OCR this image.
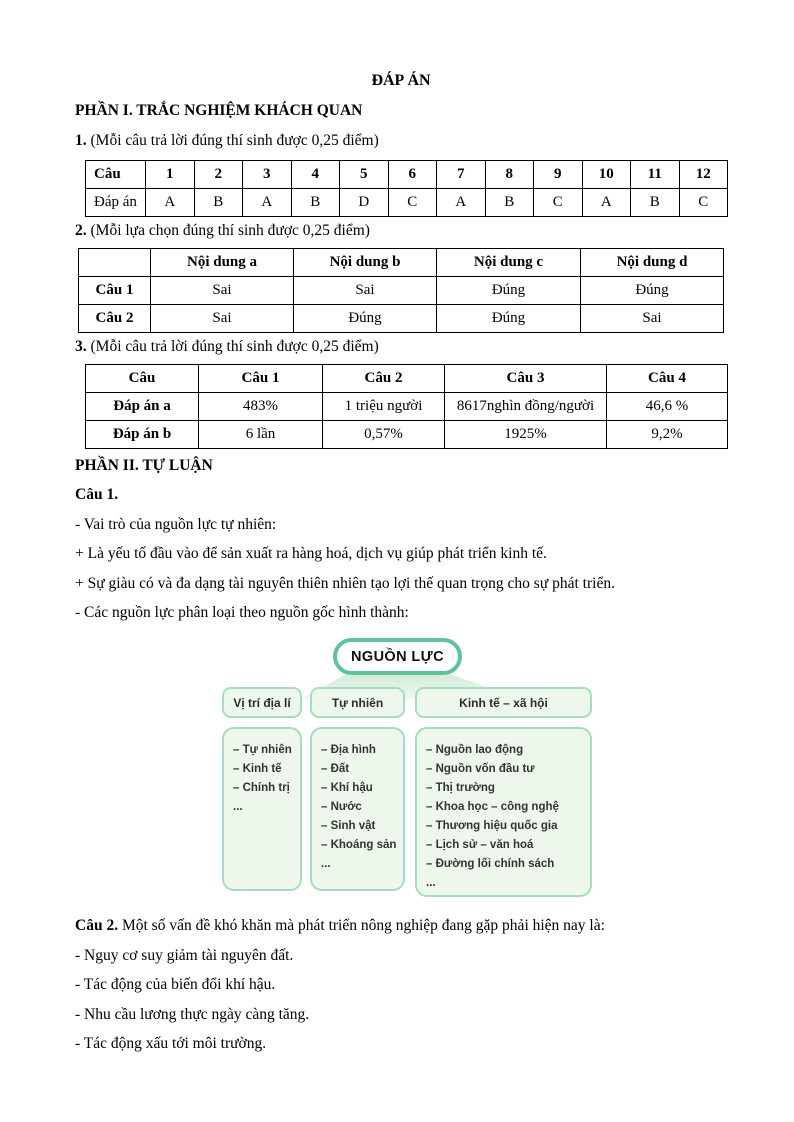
ĐÁP ÁN
PHẦN I. TRẮC NGHIỆM KHÁCH QUAN

1. (Mỗi câu trả lời đúng thí sinh được 0,25 điểm)

Câu	1	2	3	4	5	6	7	8	9	10	11	12
Đáp án	A	B	A	B	D	C	A	B	C	A	B	C

2. (Mỗi lựa chọn đúng thí sinh được 0,25 điểm)

	Nội dung a	Nội dung b	Nội dung c	Nội dung d
Câu 1	Sai	Sai	Đúng	Đúng
Câu 2	Sai	Đúng	Đúng	Sai

3. (Mỗi câu trả lời đúng thí sinh được 0,25 điểm)

Câu	Câu 1	Câu 2	Câu 3	Câu 4
Đáp án a	483%	1 triệu người	8617nghìn đồng/người	46,6 %
Đáp án b	6 lần	0,57%	1925%	9,2%
PHẦN II. TỰ LUẬN

Câu 1.

- Vai trò của nguồn lực tự nhiên:

+ Là yếu tố đầu vào để sản xuất ra hàng hoá, dịch vụ giúp phát triển kinh tế.

+ Sự giàu có và đa dạng tài nguyên thiên nhiên tạo lợi thế quan trọng cho sự phát triển.

- Các nguồn lực phân loại theo nguồn gốc hình thành:

NGUỒN LỰC
Vị trí địa lí	Tự nhiên	Kinh tế – xã hội
– Tự nhiên
– Kinh tế
– Chính trị
...
– Địa hình
– Đất
– Khí hậu
– Nước
– Sinh vật
– Khoáng sản
...
– Nguồn lao động
– Nguồn vốn đầu tư
– Thị trường
– Khoa học – công nghệ
– Thương hiệu quốc gia
– Lịch sử – văn hoá
– Đường lối chính sách
...

Câu 2. Một số vấn đề khó khăn mà phát triển nông nghiệp đang gặp phải hiện nay là:

- Nguy cơ suy giảm tài nguyên đất.

- Tác động của biến đổi khí hậu.

- Nhu cầu lương thực ngày càng tăng.

- Tác động xấu tới môi trường.
